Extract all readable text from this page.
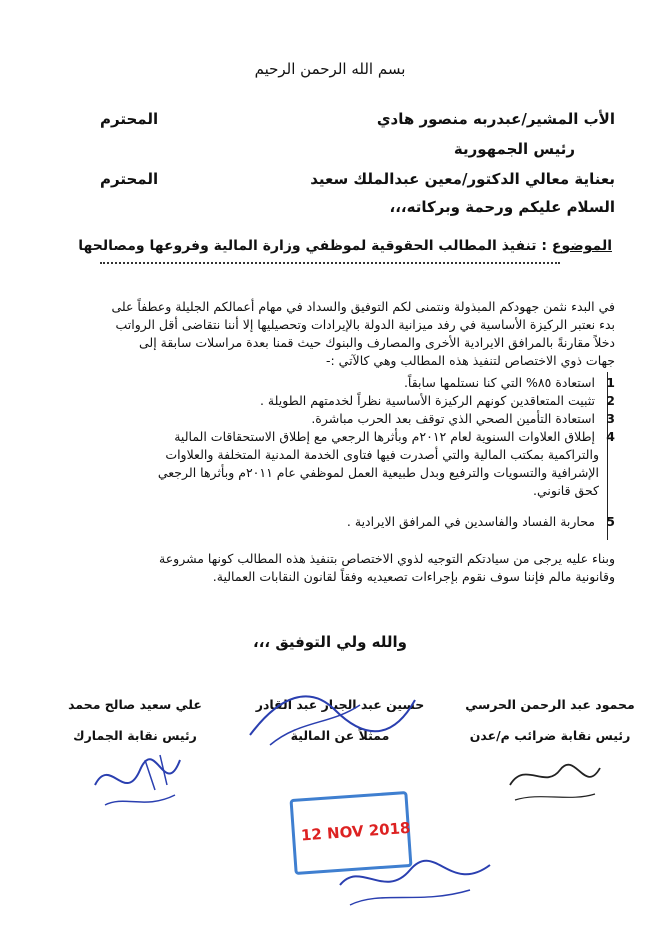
بسم الله الرحمن الرحيم
الأب المشير/عبدربه منصور هادي
المحترم
رئيس الجمهورية
بعناية معالي الدكتور/معين عبدالملك سعيد
المحترم
السلام عليكم ورحمة وبركاته،،،
الموضوع : تنفيذ المطالب الحقوقية لموظفي وزارة المالية وفروعها ومصالحها
في البدء نثمن جهودكم المبذولة ونتمنى لكم التوفيق والسداد في مهام أعمالكم الجليلة وعطفاً على
بدء نعتبر الركيزة الأساسية في رفد ميزانية الدولة بالإيرادات وتحصيليها إلا أننا نتقاضى أقل الرواتب
دخلاً مقارنةً بالمرافق الايرادية الأخرى والمصارف والبنوك حيث قمنا بعدة مراسلات سابقة إلى
جهات ذوي الاختصاص لتنفيذ هذه المطالب وهي كالآتي :-
1 استعادة ٨٥% التي كنا نستلمها سابقاً.
2 تثبيت المتعاقدين كونهم الركيزة الأساسية نظراً لخدمتهم الطويلة .
3 استعادة التأمين الصحي الذي توقف بعد الحرب مباشرة.
4 إطلاق العلاوات السنوية لعام ٢٠١٢م وبأثرها الرجعي مع إطلاق الاستحقاقات المالية
والتراكمية بمكتب المالية والتي أصدرت فيها فتاوى الخدمة المدنية المتخلفة والعلاوات
الإشرافية والتسويات والترفيع وبدل طبيعية العمل لموظفي عام ٢٠١١م وبأثرها الرجعي
كحق قانوني.
5 محاربة الفساد والفاسدين في المرافق الايرادية .
وبناء عليه يرجى من سيادتكم التوجيه لذوي الاختصاص بتنفيذ هذه المطالب كونها مشروعة
وقانونية مالم فإننا سوف نقوم بإجراءات تصعيديه وفقاً لقانون النقابات العمالية.
والله ولي التوفيق ،،،
محمود عبد الرحمن الحرسي
رئيس نقابة ضرائب م/عدن
حسين عبد الجبار عبد القادر
ممثلاً عن المالية
علي سعيد صالح محمد
رئيس نقابة الجمارك
12 NOV 2018
